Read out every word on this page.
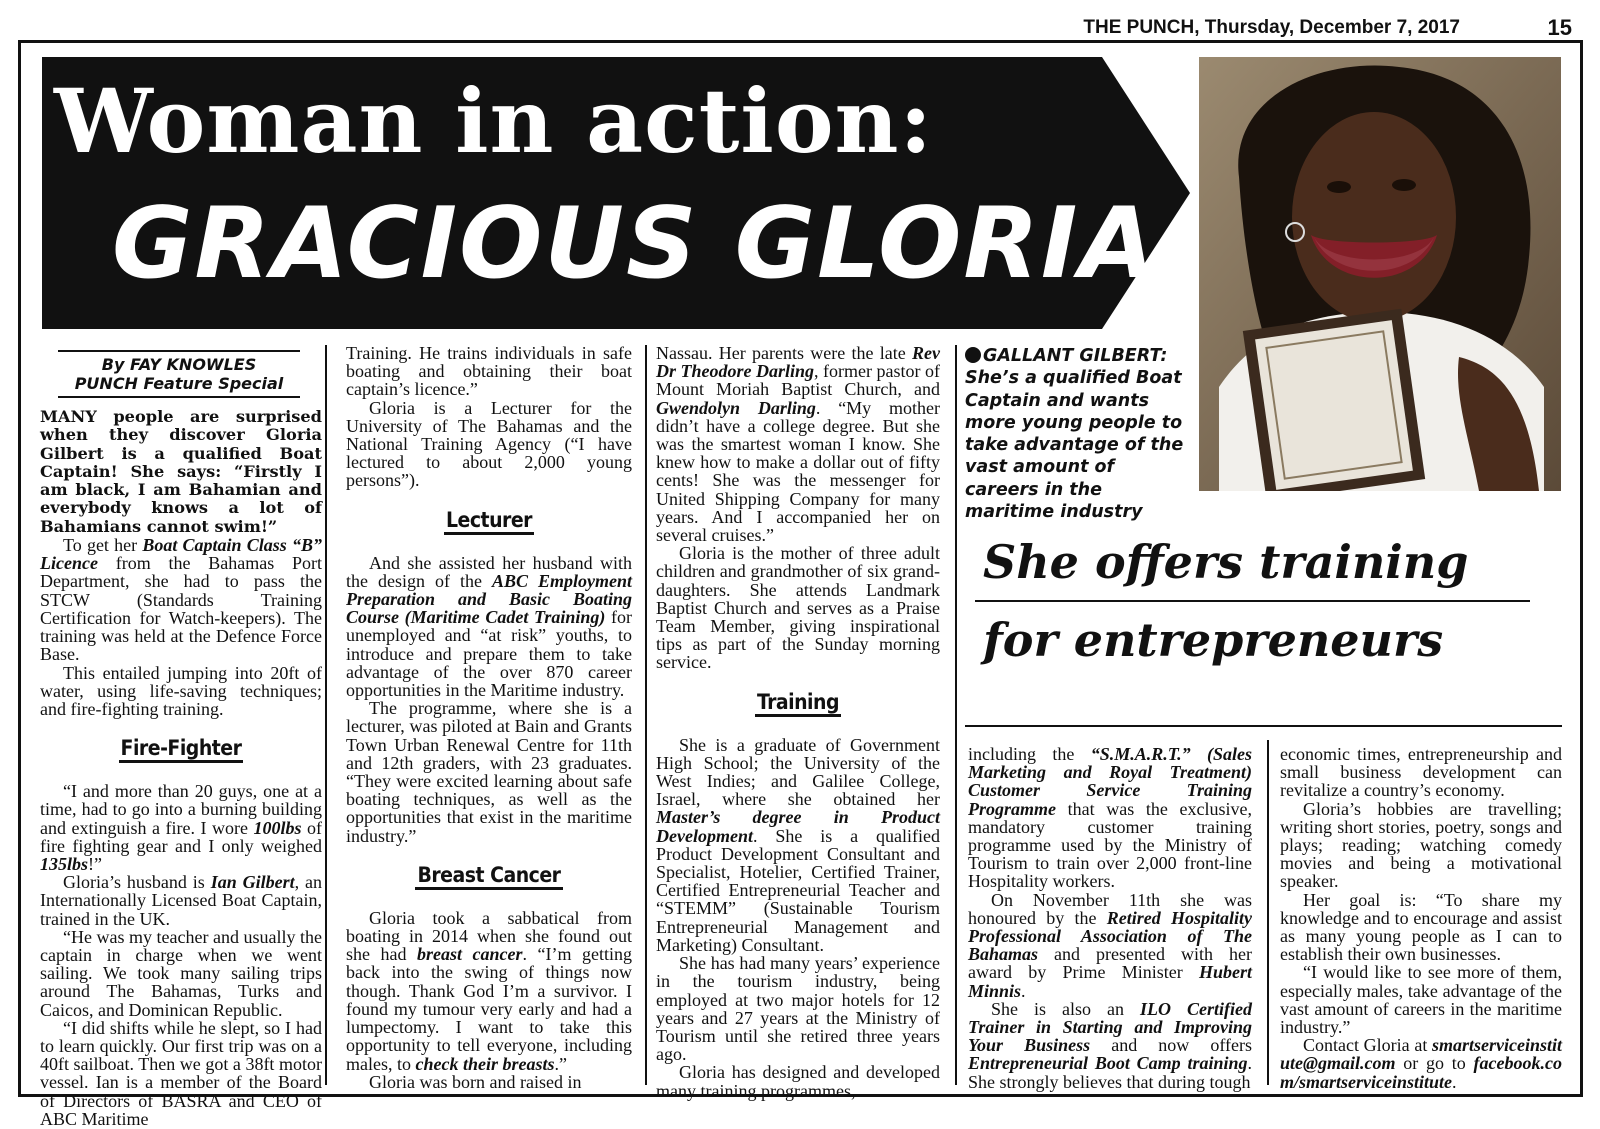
THE PUNCH, Thursday, December 7, 2017	15
Woman in action:
GRACIOUS GLORIA
GALLANT GILBERT: She’s a qualified Boat Captain and wants more young people to take advantage of the vast amount of careers in the maritime industry
She offers training
for entrepreneurs
By FAY KNOWLES
PUNCH Feature Special

MANY people are surprised when they discover Gloria Gilbert is a qualified Boat Captain! She says: “Firstly I am black, I am Bahamian and everybody knows a lot of Bahamians cannot swim!”

To get her Boat Captain Class “B” Licence from the Bahamas Port Department, she had to pass the STCW (Standards Training Certification for Watch-keepers). The training was held at the Defence Force Base.

This entailed jumping into 20ft of water, using life-saving techniques; and fire-fighting training.

Fire-Fighter

“I and more than 20 guys, one at a time, had to go into a burning building and extinguish a fire. I wore 100lbs of fire fighting gear and I only weighed 135lbs!”

Gloria’s husband is Ian Gilbert, an Internationally Licensed Boat Captain, trained in the UK.

“He was my teacher and usually the captain in charge when we went sailing. We took many sailing trips around The Bahamas, Turks and Caicos, and Dominican Republic.

“I did shifts while he slept, so I had to learn quickly. Our first trip was on a 40ft sailboat. Then we got a 38ft motor vessel. Ian is a member of the Board of Directors of BASRA and CEO of ABC Maritime

Training. He trains individuals in safe boating and obtaining their boat captain’s licence.”

Gloria is a Lecturer for the University of The Bahamas and the National Training Agency (“I have lectured to about 2,000 young persons”).

Lecturer

And she assisted her husband with the design of the ABC Employment Preparation and Basic Boating Course (Maritime Cadet Training) for unemployed and “at risk” youths, to introduce and prepare them to take advantage of the over 870 career opportunities in the Maritime industry.

The programme, where she is a lecturer, was piloted at Bain and Grants Town Urban Renewal Centre for 11th and 12th graders, with 23 graduates. “They were excited learning about safe boating techniques, as well as the opportunities that exist in the maritime industry.”

Breast Cancer

Gloria took a sabbatical from boating in 2014 when she found out she had breast cancer. “I’m getting back into the swing of things now though. Thank God I’m a survivor. I found my tumour very early and had a lumpectomy. I want to take this opportunity to tell everyone, including males, to check their breasts.”

Gloria was born and raised in

Nassau. Her parents were the late Rev Dr Theodore Darling, former pastor of Mount Moriah Baptist Church, and Gwendolyn Darling. “My mother didn’t have a college degree. But she was the smartest woman I know. She knew how to make a dollar out of fifty cents! She was the messenger for United Shipping Company for many years. And I accompanied her on several cruises.”

Gloria is the mother of three adult children and grandmother of six grand-daughters. She attends Landmark Baptist Church and serves as a Praise Team Member, giving inspirational tips as part of the Sunday morning service.

Training

She is a graduate of Government High School; the University of the West Indies; and Galilee College, Israel, where she obtained her Master’s degree in Product Development. She is a qualified Product Development Consultant and Specialist, Hotelier, Certified Trainer, Certified Entrepreneurial Teacher and “STEMM” (Sustainable Tourism Entrepreneurial Management and Marketing) Consultant.

She has had many years’ experience in the tourism industry, being employed at two major hotels for 12 years and 27 years at the Ministry of Tourism until she retired three years ago.

Gloria has designed and developed many training programmes,

including the “S.M.A.R.T.” (Sales Marketing and Royal Treatment) Customer Service Training Programme that was the exclusive, mandatory customer training programme used by the Ministry of Tourism to train over 2,000 front-line Hospitality workers.

On November 11th she was honoured by the Retired Hospitality Professional Association of The Bahamas and presented with her award by Prime Minister Hubert Minnis.

She is also an ILO Certified Trainer in Starting and Improving Your Business and now offers Entrepreneurial Boot Camp training. She strongly believes that during tough

economic times, entrepreneurship and small business development can revitalize a country’s economy.

Gloria’s hobbies are travelling; writing short stories, poetry, songs and plays; reading; watching comedy movies and being a motivational speaker.

Her goal is: “To share my knowledge and to encourage and assist as many young people as I can to establish their own businesses.

“I would like to see more of them, especially males, take advantage of the vast amount of careers in the maritime industry.”

Contact Gloria at smartserviceinstitute@gmail.com or go to facebook.com/smartserviceinstitute.
